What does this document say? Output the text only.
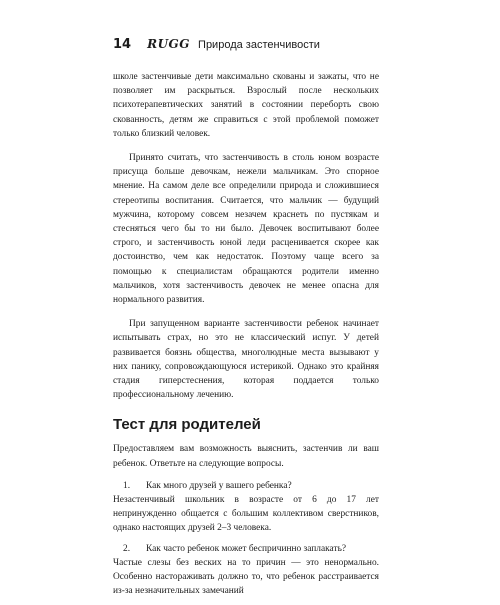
14 RUGG Природа застенчивости

школе застенчивые дети максимально скованы и зажаты, что не позволяет им раскрыться. Взрослый после нескольких психотерапевтических занятий в состоянии переборть свою скованность, детям же справиться с этой проблемой поможет только близкий человек.

Принято считать, что застенчивость в столь юном возрасте присуща больше девочкам, нежели мальчикам. Это спорное мнение. На самом деле все определили природа и сложившиеся стереотипы воспитания. Считается, что мальчик — будущий мужчина, которому совсем незачем краснеть по пустякам и стесняться чего бы то ни было. Девочек воспитывают более строго, и застенчивость юной леди расценивается скорее как достоинство, чем как недостаток. Поэтому чаще всего за помощью к специалистам обращаются родители именно мальчиков, хотя застенчивость девочек не менее опасна для нормального развития.

При запущенном варианте застенчивости ребенок начинает испытывать страх, но это не классический испуг. У детей развивается боязнь общества, многолюдные места вызывают у них панику, сопровождающуюся истерикой. Однако это крайняя стадия гиперстеснения, которая поддается только профессиональному лечению.

Тест для родителей

Предоставляем вам возможность выяснить, застенчив ли ваш ребенок. Ответьте на следующие вопросы.

1.	Как много друзей у вашего ребенка?

Незастенчивый школьник в возрасте от 6 до 17 лет непринужденно общается с большим коллективом сверстников, однако настоящих друзей 2–3 человека.

2.	Как часто ребенок может беспричинно заплакать?

Частые слезы без веских на то причин — это ненормально. Особенно настораживать должно то, что ребенок расстраивается из-за незначительных замечаний
